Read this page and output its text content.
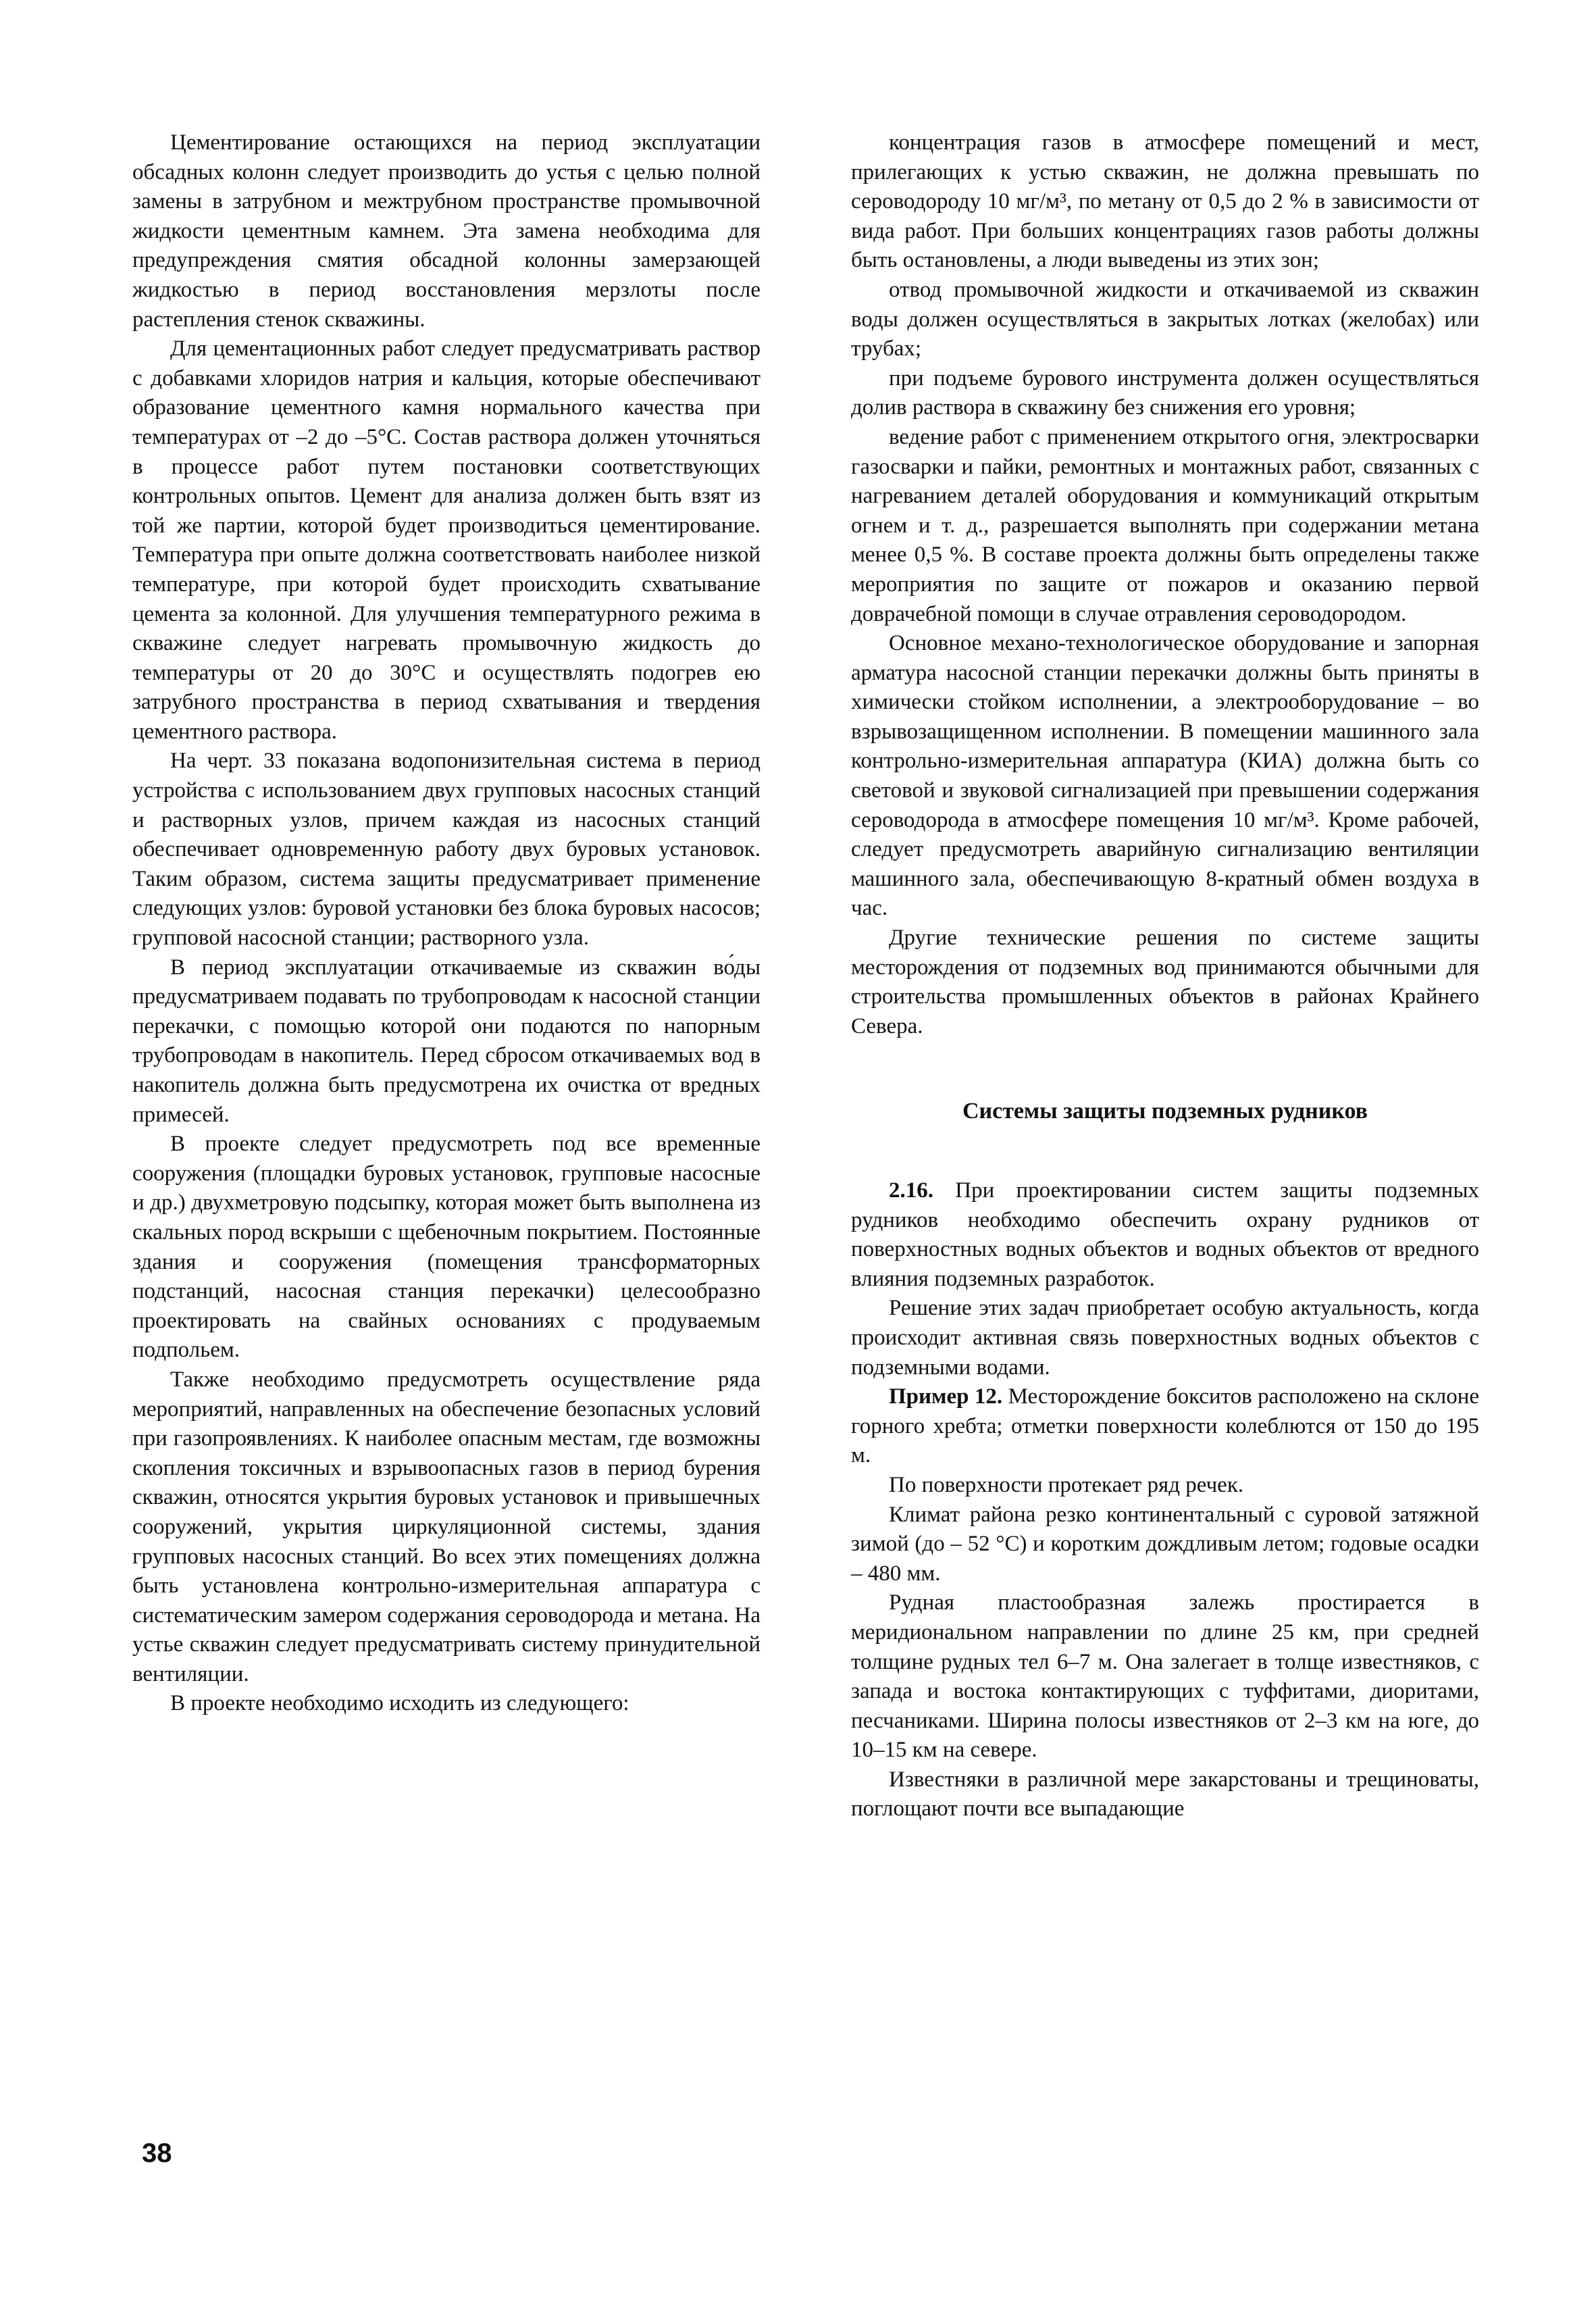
Цементирование остающихся на период эксплуатации обсадных колонн следует производить до устья с целью полной замены в затрубном и межтрубном пространстве промывочной жидкости цементным камнем. Эта замена необходима для предупреждения смятия обсадной колонны замерзающей жидкостью в период восстановления мерзлоты после растепления стенок скважины.

Для цементационных работ следует предусматривать раствор с добавками хлоридов натрия и кальция, которые обеспечивают образование цементного камня нормального качества при температурах от –2 до –5°С. Состав раствора должен уточняться в процессе работ путем постановки соответствующих контрольных опытов. Цемент для анализа должен быть взят из той же партии, которой будет производиться цементирование. Температура при опыте должна соответствовать наиболее низкой температуре, при которой будет происходить схватывание цемента за колонной. Для улучшения температурного режима в скважине следует нагревать промывочную жидкость до температуры от 20 до 30°С и осуществлять подогрев ею затрубного пространства в период схватывания и твердения цементного раствора.

На черт. 33 показана водопонизительная система в период устройства с использованием двух групповых насосных станций и растворных узлов, причем каждая из насосных станций обеспечивает одновременную работу двух буровых установок. Таким образом, система защиты предусматривает применение следующих узлов: буровой установки без блока буровых насосов; групповой насосной станции; растворного узла.

В период эксплуатации откачиваемые из скважин во́ды предусматриваем подавать по трубопроводам к насосной станции перекачки, с помощью которой они подаются по напорным трубопроводам в накопитель. Перед сбросом откачиваемых вод в накопитель должна быть предусмотрена их очистка от вредных примесей.

В проекте следует предусмотреть под все временные сооружения (площадки буровых установок, групповые насосные и др.) двухметровую подсыпку, которая может быть выполнена из скальных пород вскрыши с щебеночным покрытием. Постоянные здания и сооружения (помещения трансформаторных подстанций, насосная станция перекачки) целесообразно проектировать на свайных основаниях с продуваемым подпольем.

Также необходимо предусмотреть осуществление ряда мероприятий, направленных на обеспечение безопасных условий при газопроявлениях. К наиболее опасным местам, где возможны скопления токсичных и взрывоопасных газов в период бурения скважин, относятся укрытия буровых установок и привышечных сооружений, укрытия циркуляционной системы, здания групповых насосных станций. Во всех этих помещениях должна быть установлена контрольно-измерительная аппаратура с систематическим замером содержания сероводорода и метана. На устье скважин следует предусматривать систему принудительной вентиляции.

В проекте необходимо исходить из следующего:

концентрация газов в атмосфере помещений и мест, прилегающих к устью скважин, не должна превышать по сероводороду 10 мг/м³, по метану от 0,5 до 2 % в зависимости от вида работ. При больших концентрациях газов работы должны быть остановлены, а люди выведены из этих зон;

отвод промывочной жидкости и откачиваемой из скважин воды должен осуществляться в закрытых лотках (желобах) или трубах;

при подъеме бурового инструмента должен осуществляться долив раствора в скважину без снижения его уровня;

ведение работ с применением открытого огня, электросварки газосварки и пайки, ремонтных и монтажных работ, связанных с нагреванием деталей оборудования и коммуникаций открытым огнем и т. д., разрешается выполнять при содержании метана менее 0,5 %. В составе проекта должны быть определены также мероприятия по защите от пожаров и оказанию первой доврачебной помощи в случае отравления сероводородом.

Основное механо-технологическое оборудование и запорная арматура насосной станции перекачки должны быть приняты в химически стойком исполнении, а электрооборудование – во взрывозащищенном исполнении. В помещении машинного зала контрольно-измерительная аппаратура (КИА) должна быть со световой и звуковой сигнализацией при превышении содержания сероводорода в атмосфере помещения 10 мг/м³. Кроме рабочей, следует предусмотреть аварийную сигнализацию вентиляции машинного зала, обеспечивающую 8-кратный обмен воздуха в час.

Другие технические решения по системе защиты месторождения от подземных вод принимаются обычными для строительства промышленных объектов в районах Крайнего Севера.

Системы защиты подземных рудников

2.16. При проектировании систем защиты подземных рудников необходимо обеспечить охрану рудников от поверхностных водных объектов и водных объектов от вредного влияния подземных разработок.

Решение этих задач приобретает особую актуальность, когда происходит активная связь поверхностных водных объектов с подземными водами.

Пример 12. Месторождение бокситов расположено на склоне горного хребта; отметки поверхности колеблются от 150 до 195 м.

По поверхности протекает ряд речек.

Климат района резко континентальный с суровой затяжной зимой (до – 52 °С) и коротким дождливым летом; годовые осадки – 480 мм.

Рудная пластообразная залежь простирается в меридиональном направлении по длине 25 км, при средней толщине рудных тел 6–7 м. Она залегает в толще известняков, с запада и востока контактирующих с туффитами, диоритами, песчаниками. Ширина полосы известняков от 2–3 км на юге, до 10–15 км на севере.

Известняки в различной мере закарстованы и трещиноваты, поглощают почти все выпадающие

38
